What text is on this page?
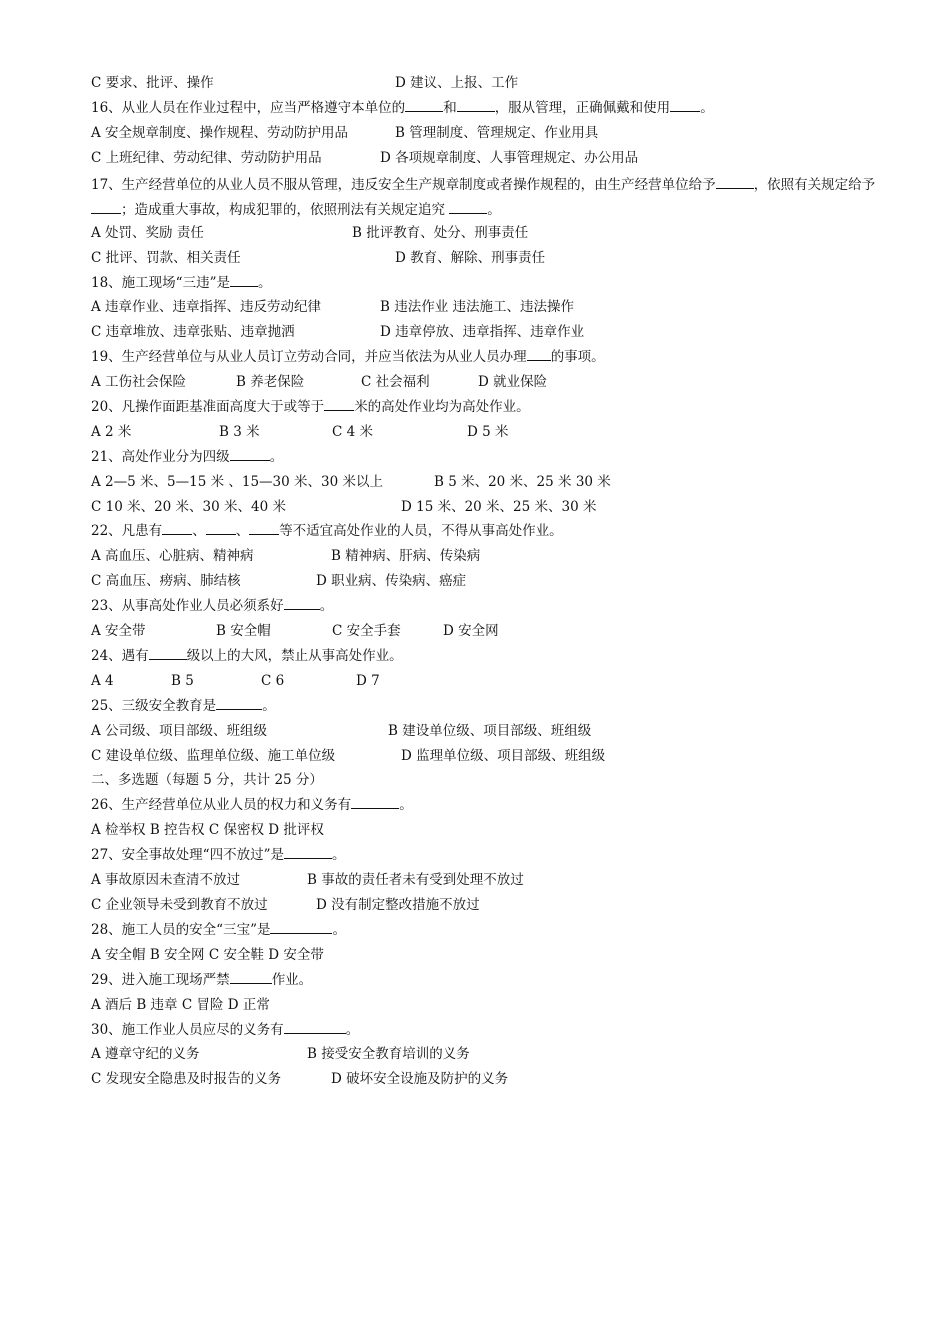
C 要求、批评、操作	D 建议、上报、工作
16、从业人员在作业过程中，应当严格遵守本单位的	和	，服从管理，正确佩戴和使用 。
A 安全规章制度、操作规程、劳动防护用品	B 管理制度、管理规定、作业用具
C 上班纪律、劳动纪律、劳动防护用品	D 各项规章制度、人事管理规定、办公用品
17、生产经营单位的从业人员不服从管理，违反安全生产规章制度或者操作规程的，由生产经营单位给予	，依照有关规定给予；造成重大事故，构成犯罪的，依照刑法有关规定追究	。
A 处罚、奖励 责任	B 批评教育、处分、刑事责任
C 批评、罚款、相关责任	D 教育、解除、刑事责任
18、施工现场“三违”是 。
A 违章作业、违章指挥、违反劳动纪律	B 违法作业 违法施工、违法操作
C 违章堆放、违章张贴、违章抛洒	D 违章停放、违章指挥、违章作业
19、生产经营单位与从业人员订立劳动合同，并应当依法为从业人员办理 的事项。
A 工伤社会保险	B 养老保险	C 社会福利	D 就业保险
20、凡操作面距基准面高度大于或等于 米的高处作业均为高处作业。
A 2 米	B 3 米	C 4 米	D 5 米
21、高处作业分为四级	。
A 2—5 米、5—15 米 、15—30 米、30 米以上	B 5 米、20 米、25 米 30 米
C 10 米、20 米、30 米、40 米	D 15 米、20 米、25 米、30 米
22、凡患有 、 、 等不适宜高处作业的人员，不得从事高处作业。
A 高血压、心脏病、精神病	B 精神病、肝病、传染病
C 高血压、痨病、肺结核	D 职业病、传染病、癌症
23、从事高处作业人员必须系好	。
A 安全带	B 安全帽	C 安全手套	D 安全网
24、遇有	级以上的大风，禁止从事高处作业。
A 4	B 5	C 6	D 7
25、三级安全教育是	。
A 公司级、项目部级、班组级	B 建设单位级、项目部级、班组级
C 建设单位级、监理单位级、施工单位级	D 监理单位级、项目部级、班组级
二、多选题（每题 5 分，共计 25 分）
26、生产经营单位从业人员的权力和义务有	。
A 检举权 B 控告权 C 保密权 D 批评权
27、安全事故处理“四不放过”是	。
A 事故原因未查清不放过	B 事故的责任者未有受到处理不放过
C 企业领导未受到教育不放过	D 没有制定整改措施不放过
28、施工人员的安全“三宝”是	。
A 安全帽 B 安全网 C 安全鞋 D 安全带
29、进入施工现场严禁	作业。
A 酒后 B 违章 C 冒险 D 正常
30、施工作业人员应尽的义务有	。
A 遵章守纪的义务	B 接受安全教育培训的义务
C 发现安全隐患及时报告的义务	D 破坏安全设施及防护的义务
